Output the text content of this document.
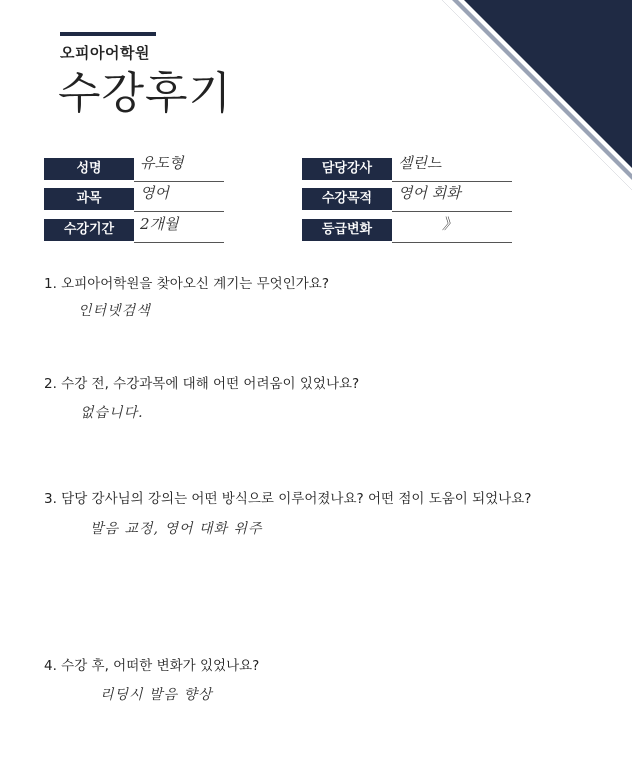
오피아어학원
수강후기
성명	유도형
과목	영어
수강기간	2개월
담당강사	셀린느
수강목적	영어 회화
등급변화	》
1. 오피아어학원을 찾아오신 계기는 무엇인가요?
인터넷검색
2. 수강 전, 수강과목에 대해 어떤 어려움이 있었나요?
없습니다.
3. 담당 강사님의 강의는 어떤 방식으로 이루어졌나요? 어떤 점이 도움이 되었나요?
발음 교정, 영어 대화 위주
4. 수강 후, 어떠한 변화가 있었나요?
리딩시 발음 향상
